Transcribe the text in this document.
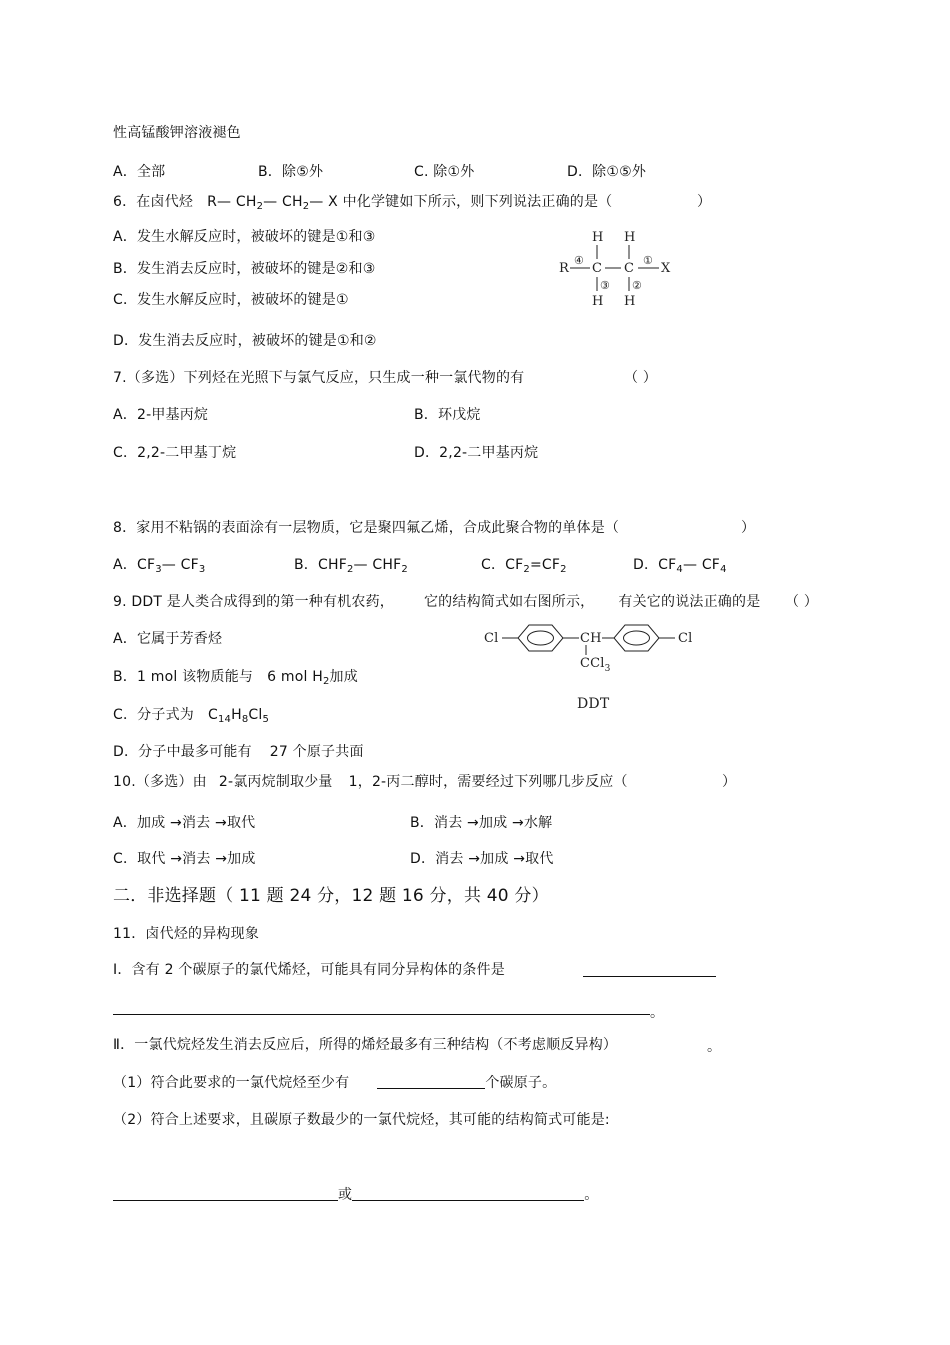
性高锰酸钾溶液褪色
A．全部	B．除⑤外	C. 除①外	D．除①⑤外
6．在卤代烃 R— $CH_2—$ $CH_2—$ X 中化学键如下所示，则下列说法正确的是（	）
A．发生水解反应时，被破坏的键是①和③
B．发生消去反应时，被破坏的键是②和③
C．发生水解反应时，被破坏的键是①
D．发生消去反应时，被破坏的键是①和②
H H
R
④
C C
①
X
③ ②
H H
7.（多选）下列烃在光照下与氯气反应，只生成一种一氯代物的有	（ ）
A．2-甲基丙烷	B．环戊烷
C．2,2-二甲基丁烷	D．2,2-二甲基丙烷
8．家用不粘锅的表面涂有一层物质，它是聚四氟乙烯，合成此聚合物的单体是（	）
A．$CF_3—$ $CF_3$	B．$CHF_2—$ $CHF_2$	C．$CF_2=CF_2$	D．$CF_4—$ $CF_4$
9. DDT 是人类合成得到的第一种有机农药， 它的结构简式如右图所示， 有关它的说法正确的是 （ ）
A．它属于芳香烃
B．1 mol 该物质能与 6 mol $H_2$加成
C．分子式为 $C_{14}H_8Cl_5$
D．分子中最多可能有 27 个原子共面
Cl	CH	Cl
CCl$_3$
DDT
10.（多选）由 2-氯丙烷制取少量 1，2-丙二醇时，需要经过下列哪几步反应（	）
A．加成 →消去 →取代	B．消去 →加成 →水解
C．取代 →消去 →加成	D．消去 →加成 →取代
二．非选择题（ 11 题 24 分，12 题 16 分，共 40 分）
11．卤代烃的异构现象
Ⅰ．含有 2 个碳原子的氯代烯烃，可能具有同分异构体的条件是
。
Ⅱ．一氯代烷烃发生消去反应后，所得的烯烃最多有三种结构（不考虑顺反异构）	。
（1）符合此要求的一氯代烷烃至少有	个碳原子。
（2）符合上述要求，且碳原子数最少的一氯代烷烃，其可能的结构简式可能是:
或	。
